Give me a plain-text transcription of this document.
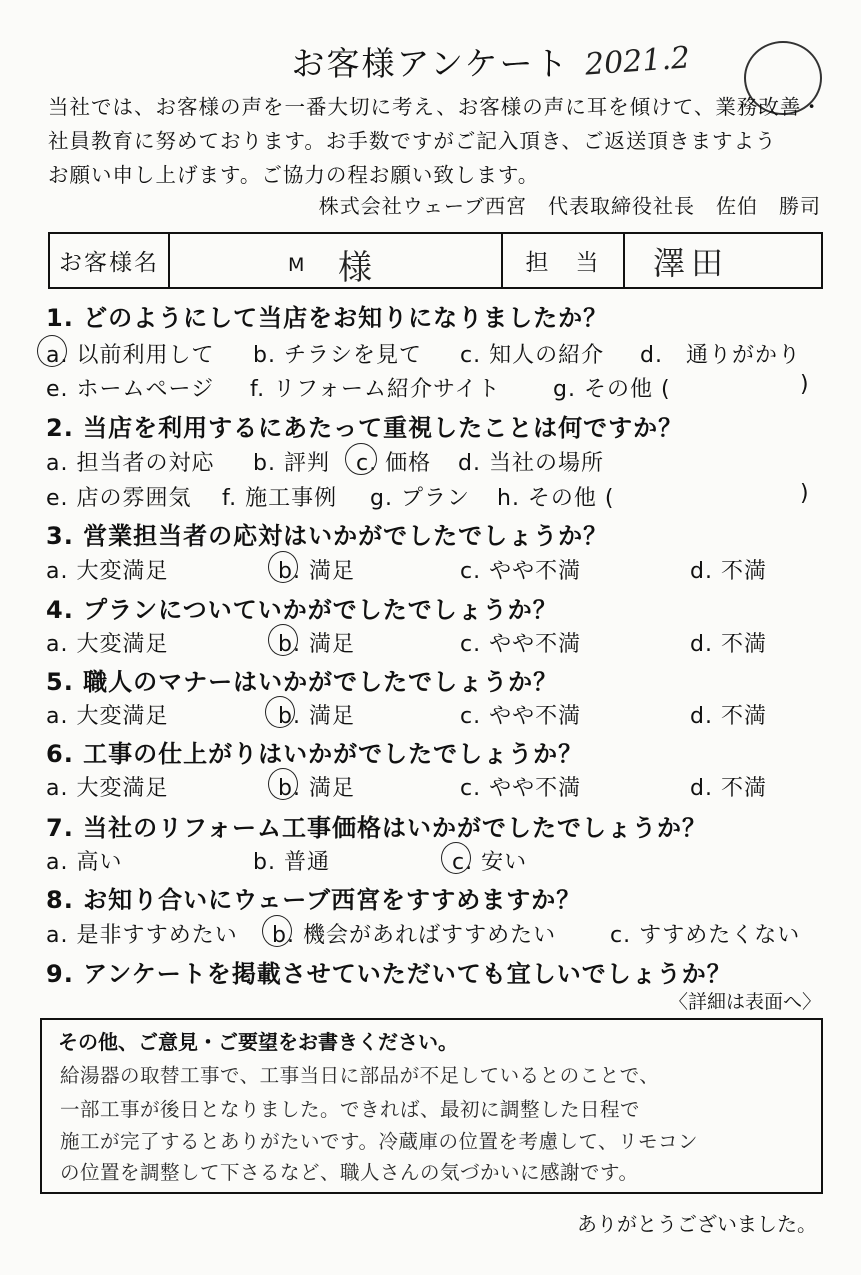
お客様アンケート 2021.2
当社では、お客様の声を一番大切に考え、お客様の声に耳を傾けて、業務改善・
社員教育に努めております。お手数ですがご記入頂き、ご返送頂きますよう
お願い申し上げます。ご協力の程お願い致します。
株式会社ウェーブ西宮　代表取締役社長　佐伯　勝司
お客様名	M 様	担　当	澤田
1. どのようにして当店をお知りになりましたか？
a. 以前利用して b. チラシを見て c. 知人の紹介 d.　通りがかり
e. ホームページ f. リフォーム紹介サイト g. その他 (	)
2. 当店を利用するにあたって重視したことは何ですか？
a. 担当者の対応 b. 評判 c. 価格 d. 当社の場所
e. 店の雰囲気 f. 施工事例 g. プラン h. その他 (	)
3. 営業担当者の応対はいかがでしたでしょうか？
a. 大変満足	b. 満足	c. やや不満	d. 不満
4. プランについていかがでしたでしょうか？
a. 大変満足	b. 満足	c. やや不満	d. 不満
5. 職人のマナーはいかがでしたでしょうか？
a. 大変満足	b. 満足	c. やや不満	d. 不満
6. 工事の仕上がりはいかがでしたでしょうか？
a. 大変満足	b. 満足	c. やや不満	d. 不満
7. 当社のリフォーム工事価格はいかがでしたでしょうか？
a. 高い	b. 普通	c. 安い
8. お知り合いにウェーブ西宮をすすめますか？
a. 是非すすめたい b. 機会があればすすめたい c. すすめたくない
9. アンケートを掲載させていただいても宜しいでしょうか？
〈詳細は表面へ〉
その他、ご意見・ご要望をお書きください。
給湯器の取替工事で、工事当日に部品が不足しているとのことで、
一部工事が後日となりました。できれば、最初に調整した日程で
施工が完了するとありがたいです。冷蔵庫の位置を考慮して、リモコン
の位置を調整して下さるなど、職人さんの気づかいに感謝です。
ありがとうございました。
